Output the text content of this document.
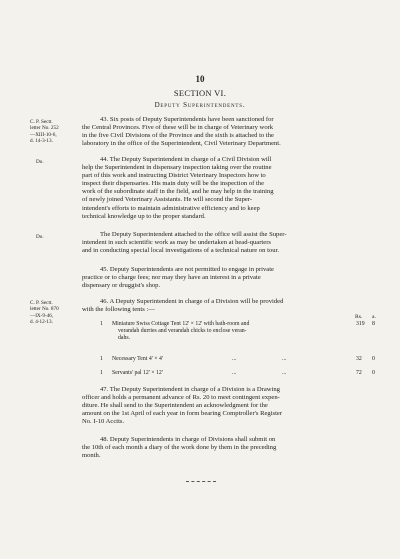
10
SECTION VI.
Deputy Superintendents.
C. P. Sectt.
letter No. 252
—XIII-10-6,
d. 14-3-13.
43. Six posts of Deputy Superintendents have been sanctioned for
the Central Provinces. Five of these will be in charge of Veterinary work
in the five Civil Divisions of the Province and the sixth is attached to the
laboratory in the office of the Superintendent, Civil Veterinary Department.
Do.	44. The Deputy Superintendent in charge of a Civil Division will
help the Superintendent in dispensary inspection taking over the routine
part of this work and instructing District Veterinary Inspectors how to
inspect their dispensaries. His main duty will be the inspection of the
work of the subordinate staff in the field, and he may help in the training
of newly joined Veterinary Assistants. He will second the Super-
intendent's efforts to maintain administrative efficiency and to keep
technical knowledge up to the proper standard.
Do.	The Deputy Superintendent attached to the office will assist the Super-
intendent in such scientific work as may be undertaken at head-quarters
and in conducting special local investigations of a technical nature on tour.
45. Deputy Superintendents are not permitted to engage in private
practice or to charge fees; nor may they have an interest in a private
dispensary or druggist's shop.
C. P. Sectt.
letter No. 870
—IX-9-46,
d. 4-12-13.
46. A Deputy Superintendent in charge of a Division will be provided
with the following tents :—
Rs. a.
1 Miniature Swiss Cottage Tent 12' × 12' with bath-room and
verandah durries and verandah chicks to enclose veran-
dahs.
319 8
1 Necessary Tent 4' × 4'	...	...	32 0
1 Servants' pal 12' × 12'	...	...	72 0
47. The Deputy Superintendent in charge of a Division is a Drawing
officer and holds a permanent advance of Rs. 20 to meet contingent expen-
diture. He shall send to the Superintendent an acknowledgment for the
amount on the 1st April of each year in form bearing Comptroller's Register
No. I-10 Acctts.
48. Deputy Superintendents in charge of Divisions shall submit on
the 10th of each month a diary of the work done by them in the preceding
month.
